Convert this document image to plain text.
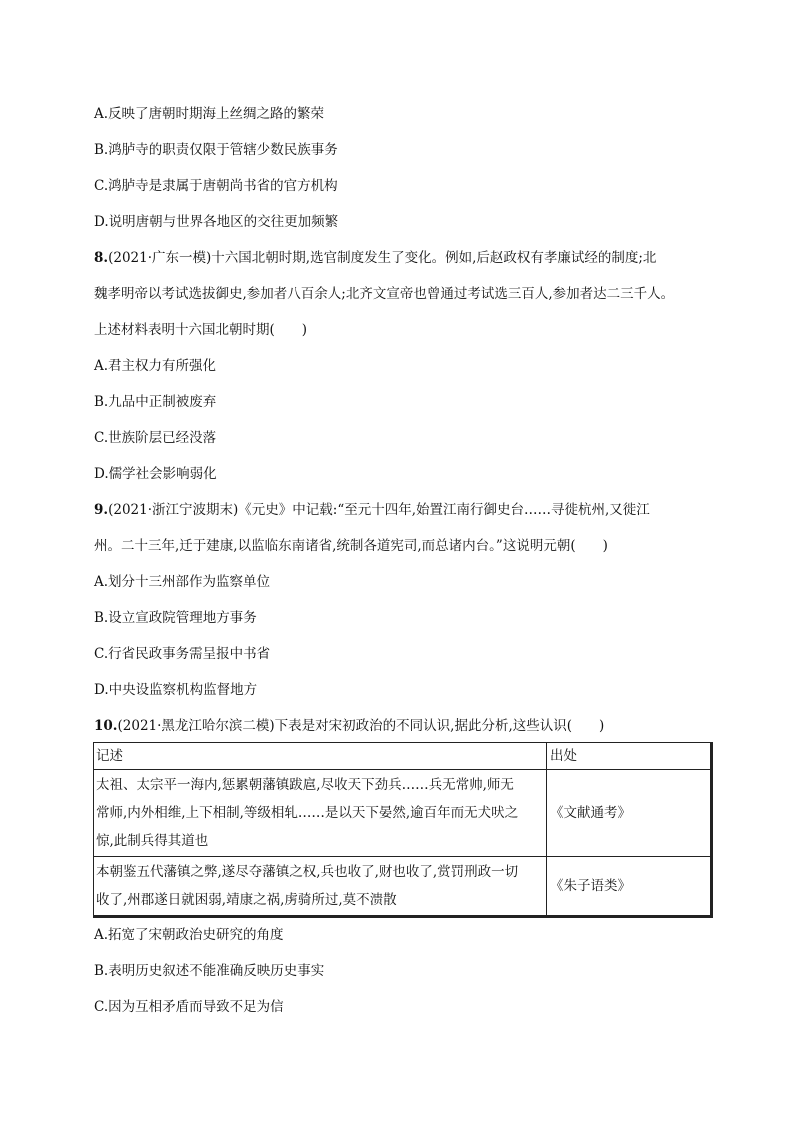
A.反映了唐朝时期海上丝绸之路的繁荣
B.鸿胪寺的职责仅限于管辖少数民族事务
C.鸿胪寺是隶属于唐朝尚书省的官方机构
D.说明唐朝与世界各地区的交往更加频繁
8.(2021·广东一模)十六国北朝时期,选官制度发生了变化。例如,后赵政权有孝廉试经的制度;北
魏孝明帝以考试选拔御史,参加者八百余人;北齐文宣帝也曾通过考试选三百人,参加者达二三千人。
上述材料表明十六国北朝时期(　　)
A.君主权力有所强化
B.九品中正制被废弃
C.世族阶层已经没落
D.儒学社会影响弱化
9.(2021·浙江宁波期末)《元史》中记载:“至元十四年,始置江南行御史台……寻徙杭州,又徙江
州。二十三年,迁于建康,以监临东南诸省,统制各道宪司,而总诸内台。”这说明元朝(　　)
A.划分十三州部作为监察单位
B.设立宣政院管理地方事务
C.行省民政事务需呈报中书省
D.中央设监察机构监督地方
10.(2021·黑龙江哈尔滨二模)下表是对宋初政治的不同认识,据此分析,这些认识(　　)
记述	出处

太祖、太宗平一海内,惩累朝藩镇跋扈,尽收天下劲兵……兵无常帅,师无
常师,内外相维,上下相制,等级相轧……是以天下晏然,逾百年而无犬吠之
惊,此制兵得其道也	《文献通考》

本朝鉴五代藩镇之弊,遂尽夺藩镇之权,兵也收了,财也收了,赏罚刑政一切
收了,州郡遂日就困弱,靖康之祸,虏骑所过,莫不溃散	《朱子语类》
A.拓宽了宋朝政治史研究的角度
B.表明历史叙述不能准确反映历史事实
C.因为互相矛盾而导致不足为信
